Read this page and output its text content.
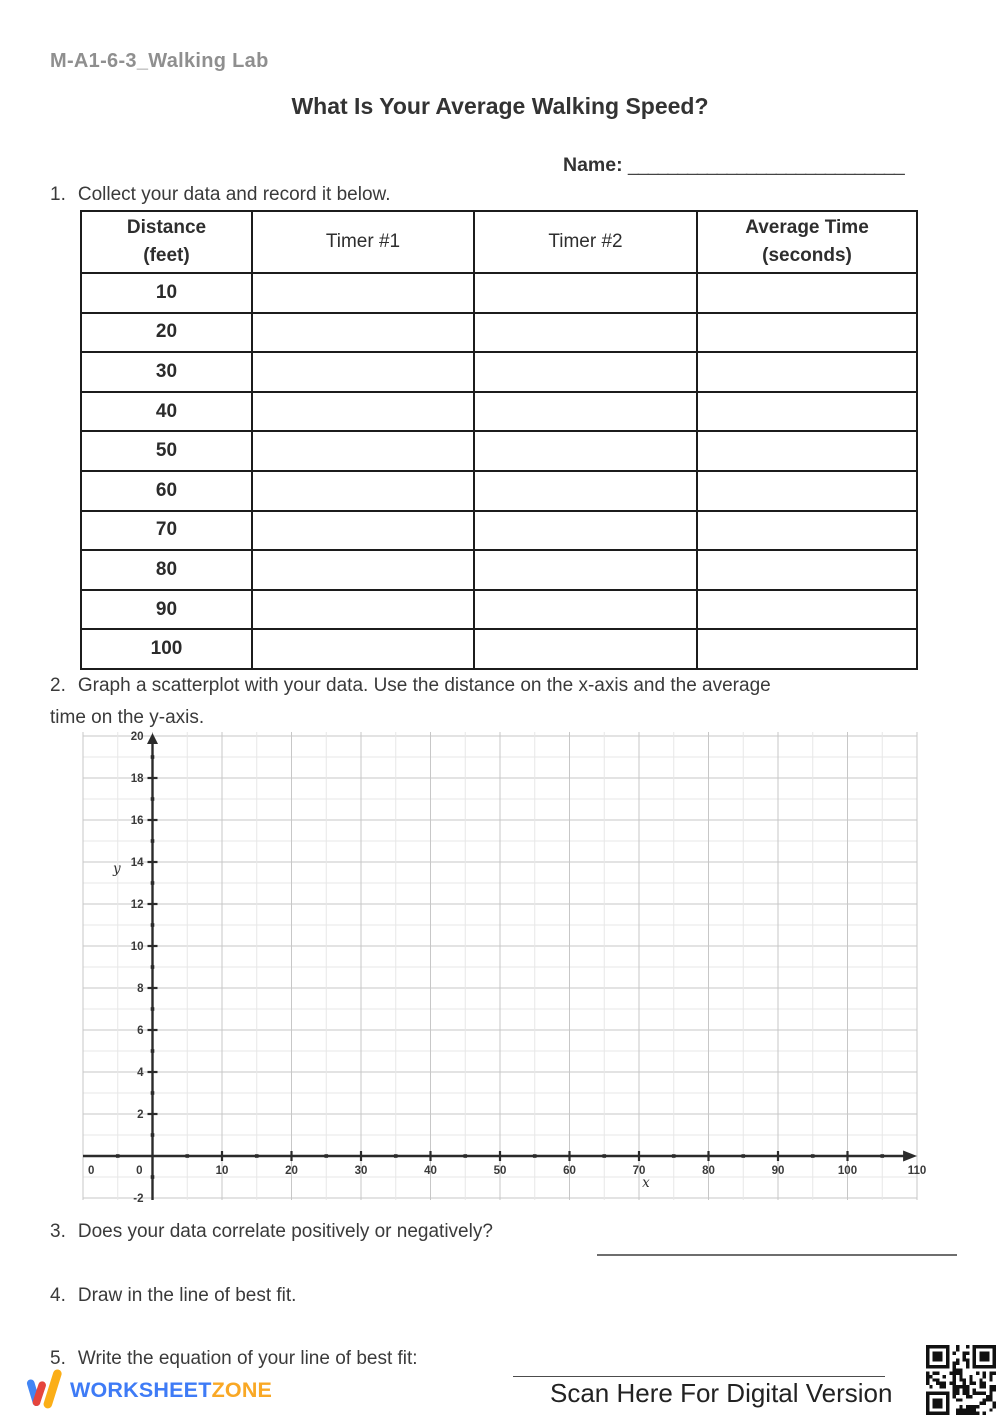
M-A1-6-3_Walking Lab
What Is Your Average Walking Speed?
Name: ____________________________
1. Collect your data and record it below.
Distance
(feet)	Timer #1	Timer #2	Average Time
(seconds)
10			
20			
30			
40			
50			
60			
70			
80			
90			
100			
2. Graph a scatterplot with your data. Use the distance on the x-axis and the average
time on the y-axis.
0	10	20	30	40	50	60	70	80	90	100	110
0
-2
2
4
6
8
10
12
14
16
18
20
x
y
3. Does your data correlate positively or negatively?
4. Draw in the line of best fit.
5. Write the equation of your line of best fit:
WORKSHEETZONE	Scan Here For Digital Version
